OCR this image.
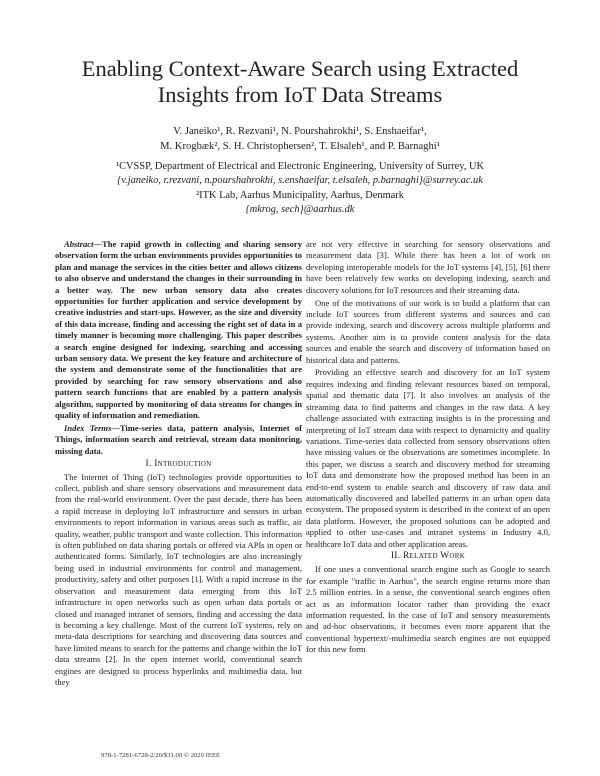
Enabling Context-Aware Search using Extracted
Insights from IoT Data Streams
V. Janeiko¹, R. Rezvani¹, N. Pourshahrokhi¹, S. Enshaeifar¹,
M. Krogbæk², S. H. Christophersen², T. Elsaleh¹, and P. Barnaghi¹
¹CVSSP, Department of Electrical and Electronic Engineering, University of Surrey, UK
{v.janeiko, r.rezvani, n.pourshahrokhi, s.enshaeifar, t.elsaleh, p.barnaghi}@surrey.ac.uk
²ITK Lab, Aarhus Municipality, Aarhus, Denmark
{mkrog, sech}@aarhus.dk

Abstract—The rapid growth in collecting and sharing sensory observation form the urban environments provides opportunities to plan and manage the services in the cities better and allows citizens to also observe and understand the changes in their surrounding in a better way. The new urban sensory data also creates opportunities for further application and service development by creative industries and start-ups. However, as the size and diversity of this data increase, finding and accessing the right set of data in a timely manner is becoming more challenging. This paper describes a search engine designed for indexing, searching and accessing urban sensory data. We present the key feature and architecture of the system and demonstrate some of the functionalities that are provided by searching for raw sensory observations and also pattern search functions that are enabled by a pattern analysis algorithm, supported by monitoring of data streams for changes in quality of information and remediation.

Index Terms—Time-series data, pattern analysis, Internet of Things, information search and retrieval, stream data monitoring, missing data.

I. Introduction

The Internet of Thing (IoT) technologies provide opportunities to collect, publish and share sensory observations and measurement data from the real-world environment. Over the past decade, there has been a rapid increase in deploying IoT infrastructure and sensors in urban environments to report information in various areas such as traffic, air quality, weather, public transport and waste collection. This information is often published on data sharing portals or offered via APIs in open or authenticated forms. Similarly, IoT technologies are also increasingly being used in industrial environments for control and management, productivity, safety and other purposes [1]. With a rapid increase in the observation and measurement data emerging from this IoT infrastructure in open networks such as open urban data portals or closed and managed intranet of sensors, finding and accessing the data is becoming a key challenge. Most of the current IoT systems, rely on meta-data descriptions for searching and discovering data sources and have limited means to search for the patterns and change within the IoT data streams [2]. In the open internet world, conventional search engines are designed to process hyperlinks and multimedia data, but they

are not very effective in searching for sensory observations and measurement data [3]. While there has been a lot of work on developing interoperable models for the IoT systems [4], [5], [6] there have been relatively few works on developing indexing, search and discovery solutions for IoT resources and their streaming data.

One of the motivations of our work is to build a platform that can include IoT sources from different systems and sources and can provide indexing, search and discovery across multiple platforms and systems. Another aim is to provide content analysis for the data sources and enable the search and discovery of information based on historical data and patterns.

Providing an effective search and discovery for an IoT system requires indexing and finding relevant resources based on temporal, spatial and thematic data [7]. It also involves an analysis of the streaming data to find patterns and changes in the raw data. A key challenge associated with extracting insights is in the processing and interpreting of IoT stream data with respect to dynamicity and quality variations. Time-series data collected from sensory observations often have missing values or the observations are sometimes incomplete. In this paper, we discuss a search and discovery method for streaming IoT data and demonstrate how the proposed method has been in an end-to-end system to enable search and discovery of raw data and automatically discovered and labelled patterns in an urban open data ecosystem. The proposed system is described in the context of an open data platform. However, the proposed solutions can be adopted and applied to other use-cases and intranet systems in Industry 4.0, healthcare IoT data and other application areas.

II. Related Work

If one uses a conventional search engine such as Google to search for example "traffic in Aarhus", the search engine returns more than 2.5 million entries. In a sense, the conventional search engines often act as an information locator rather than providing the exact information requested. In the case of IoT and sensory measurements and ad-hoc observations, it becomes even more apparent that the conventional hypertext/-multimedia search engines are not equipped for this new form

978-1-7281-6728-2/20/$31.00 © 2020 IEEE
